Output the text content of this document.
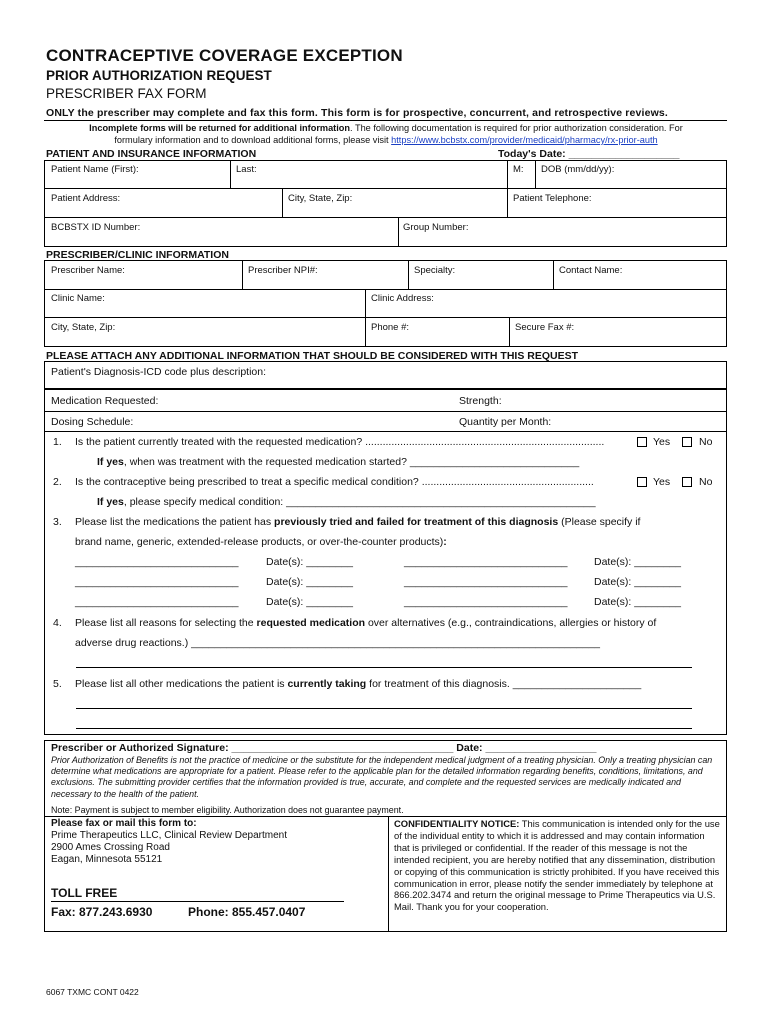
CONTRACEPTIVE COVERAGE EXCEPTION
PRIOR AUTHORIZATION REQUEST
PRESCRIBER FAX FORM
ONLY the prescriber may complete and fax this form. This form is for prospective, concurrent, and retrospective reviews.
Incomplete forms will be returned for additional information. The following documentation is required for prior authorization consideration. For
formulary information and to download additional forms, please visit https://www.bcbstx.com/provider/medicaid/pharmacy/rx-prior-auth
PATIENT AND INSURANCE INFORMATION	Today's Date: ___________________
Patient Name (First):	Last:	M: DOB (mm/dd/yy):
Patient Address:	City, State, Zip:	Patient Telephone:
BCBSTX ID Number:	Group Number:
PRESCRIBER/CLINIC INFORMATION
Prescriber Name:	Prescriber NPI#:	Specialty:	Contact Name:
Clinic Name:	Clinic Address:
City, State, Zip:	Phone #:	Secure Fax #:
PLEASE ATTACH ANY ADDITIONAL INFORMATION THAT SHOULD BE CONSIDERED WITH THIS REQUEST
Patient's Diagnosis-ICD code plus description:
Medication Requested:	Strength:
Dosing Schedule:	Quantity per Month:
1. Is the patient currently treated with the requested medication? ..................................................................................	Yes	No
If yes, when was treatment with the requested medication started? _____________________________
2. Is the contraceptive being prescribed to treat a specific medical condition? ...........................................................	Yes	No
If yes, please specify medical condition: _____________________________________________________
3. Please list the medications the patient has previously tried and failed for treatment of this diagnosis (Please specify if
brand name, generic, extended-release products, or over-the-counter products):
____________________________	Date(s): ________	____________________________	Date(s): ________
____________________________	Date(s): ________	____________________________	Date(s): ________
____________________________	Date(s): ________	____________________________	Date(s): ________
4. Please list all reasons for selecting the requested medication over alternatives (e.g., contraindications, allergies or history of
adverse drug reactions.) ______________________________________________________________________
5. Please list all other medications the patient is currently taking for treatment of this diagnosis. ______________________
Prescriber or Authorized Signature: ______________________________________ Date: ___________________
Prior Authorization of Benefits is not the practice of medicine or the substitute for the independent medical judgment of a treating physician. Only a treating physician can determine what medications are appropriate for a patient. Please refer to the applicable plan for the detailed information regarding benefits, conditions, limitations, and exclusions. The submitting provider certifies that the information provided is true, accurate, and complete and the requested services are medically indicated and necessary to the health of the patient.
Note: Payment is subject to member eligibility. Authorization does not guarantee payment.
Please fax or mail this form to:
Prime Therapeutics LLC, Clinical Review Department
2900 Ames Crossing Road
Eagan, Minnesota 55121
TOLL FREE
Fax: 877.243.6930	Phone: 855.457.0407
CONFIDENTIALITY NOTICE: This communication is intended only for the use of the individual entity to which it is addressed and may contain information that is privileged or confidential. If the reader of this message is not the intended recipient, you are hereby notified that any dissemination, distribution or copying of this communication is strictly prohibited. If you have received this communication in error, please notify the sender immediately by telephone at 866.202.3474 and return the original message to Prime Therapeutics via U.S. Mail. Thank you for your cooperation.
6067 TXMC CONT 0422
